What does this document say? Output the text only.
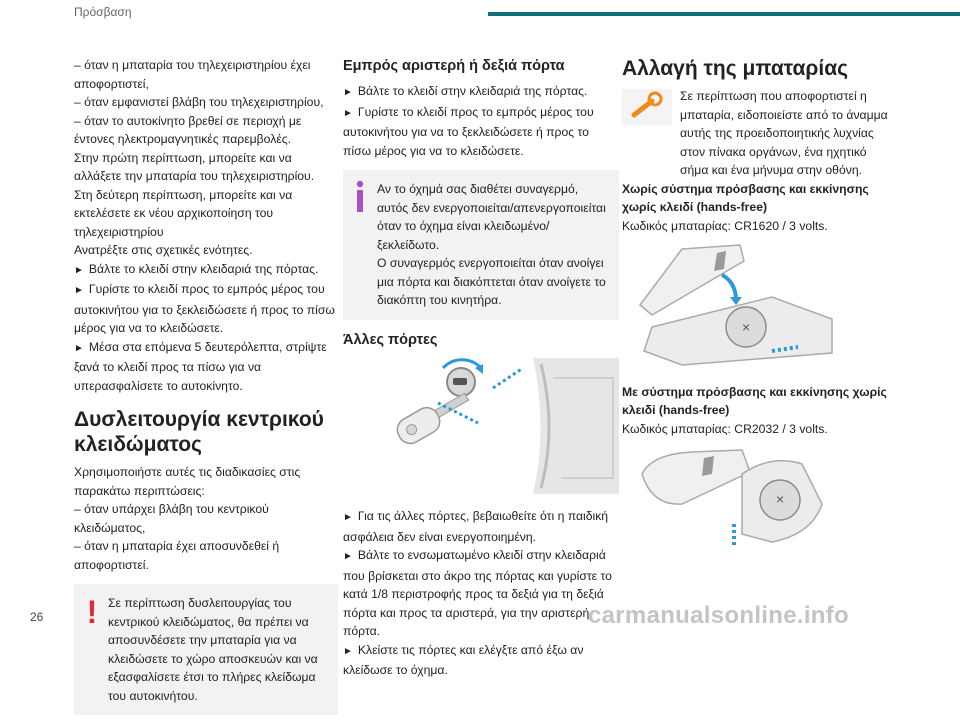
Πρόσβαση

– όταν η μπαταρία του τηλεχειριστηρίου έχει αποφορτιστεί,

– όταν εμφανιστεί βλάβη του τηλεχειριστηρίου,

– όταν το αυτοκίνητο βρεθεί σε περιοχή με έντονες ηλεκτρομαγνητικές παρεμβολές.

Στην πρώτη περίπτωση, μπορείτε και να αλλάξετε την μπαταρία του τηλεχειριστηρίου.

Στη δεύτερη περίπτωση, μπορείτε και να εκτελέσετε εκ νέου αρχικοποίηση του τηλεχειριστηρίου

Ανατρέξτε στις σχετικές ενότητες.

► Βάλτε το κλειδί στην κλειδαριά της πόρτας.

► Γυρίστε το κλειδί προς το εμπρός μέρος του αυτοκινήτου για το ξεκλειδώσετε ή προς το πίσω μέρος για να το κλειδώσετε.

► Μέσα στα επόμενα 5 δευτερόλεπτα, στρίψτε ξανά το κλειδί προς τα πίσω για να υπερασφαλίσετε το αυτοκίνητο.

Δυσλειτουργία κεντρικού κλειδώματος

Χρησιμοποιήστε αυτές τις διαδικασίες στις παρακάτω περιπτώσεις:

– όταν υπάρχει βλάβη του κεντρικού κλειδώματος,

– όταν η μπαταρία έχει αποσυνδεθεί ή αποφορτιστεί.

! Σε περίπτωση δυσλειτουργίας του κεντρικού κλειδώματος, θα πρέπει να αποσυνδέσετε την μπαταρία για να κλειδώσετε το χώρο αποσκευών και να εξασφαλίσετε έτσι το πλήρες κλείδωμα του αυτοκινήτου.

Εμπρός αριστερή ή δεξιά πόρτα

► Βάλτε το κλειδί στην κλειδαριά της πόρτας.

► Γυρίστε το κλειδί προς το εμπρός μέρος του αυτοκινήτου για να το ξεκλειδώσετε ή προς το πίσω μέρος για να το κλειδώσετε.

Αν το όχημά σας διαθέτει συναγερμό, αυτός δεν ενεργοποιείται/απενεργοποιείται όταν το όχημα είναι κλειδωμένο/ξεκλείδωτο.

Ο συναγερμός ενεργοποιείται όταν ανοίγει μια πόρτα και διακόπτεται όταν ανοίγετε το διακόπτη του κινητήρα.

Άλλες πόρτες

► Για τις άλλες πόρτες, βεβαιωθείτε ότι η παιδική ασφάλεια δεν είναι ενεργοποιημένη.

► Βάλτε το ενσωματωμένο κλειδί στην κλειδαριά που βρίσκεται στο άκρο της πόρτας και γυρίστε το κατά 1/8 περιστροφής προς τα δεξιά για τη δεξιά πόρτα και προς τα αριστερά, για την αριστερή πόρτα.

► Κλείστε τις πόρτες και ελέγξτε από έξω αν κλείδωσε το όχημα.

Αλλαγή της μπαταρίας

Σε περίπτωση που αποφορτιστεί η μπαταρία, ειδοποιείστε από το άναμμα αυτής της προειδοποιητικής λυχνίας στον πίνακα οργάνων, ένα ηχητικό σήμα και ένα μήνυμα στην οθόνη.

Χωρίς σύστημα πρόσβασης και εκκίνησης χωρίς κλειδί (hands-free)

Κωδικός μπαταρίας: CR1620 / 3 volts.

×

Με σύστημα πρόσβασης και εκκίνησης χωρίς κλειδί (hands-free)

Κωδικός μπαταρίας: CR2032 / 3 volts.

×
26	carmanualsonline.info
